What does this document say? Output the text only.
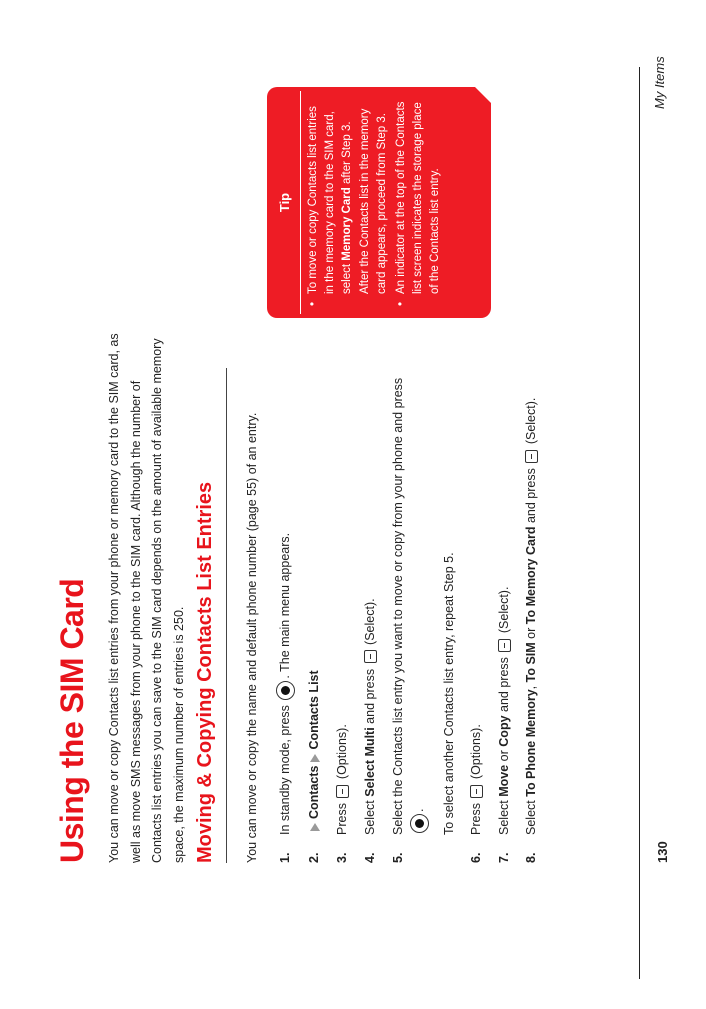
Using the SIM Card You can move or copy Contacts list entries from your phone or memory card to the SIM card, as well as move SMS messages from your phone to the SIM card. Although the number of Contacts list entries you can save to the SIM card depends on the amount of available memory space, the maximum number of entries is 250. Moving & Copying Contacts List Entries You can move or copy the name and default phone number (page 55) of an entry. 1.
In standby mode, press . The main menu appears.
2.
ContactsContacts List
3.
Press  (Options).
4.
Select Select Multi and press  (Select).
5.
Select the Contacts list entry you want to move or copy from your phone and press . To select another Contacts list entry, repeat Step 5.
6.
Press  (Options).
7.
Select Move or Copy and press  (Select).
8.
Select To Phone Memory, To SIM or To Memory Card and press  (Select).
Tip • To move or copy Contacts list entries in the memory card to the SIM card, select Memory Card after Step 3. After the Contacts list in the memory card appears, proceed from Step 3. • An indicator at the top of the Contacts list screen indicates the storage place of the Contacts list entry.
130
My Items
